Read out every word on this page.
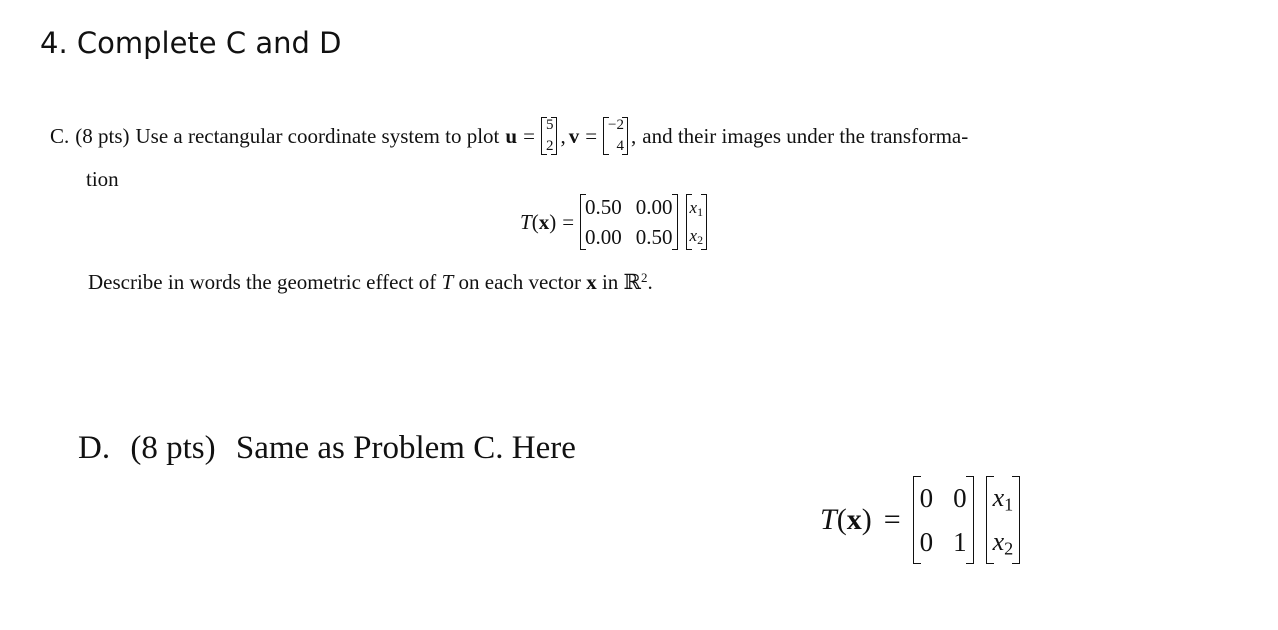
4. Complete C and D
C. (8 pts) Use a rectangular coordinate system to plot u = 5
2 , v = −2
4 , and their images under the transforma-
tion
T ( x ) =
0.50
0.00
0.00
0.50
$x_1$
$x_2$
Describe in words the geometric effect of T on each vector x in ℝ$^2$.
D. (8 pts) Same as Problem C. Here
T ( x ) =
0
0
0
1
$x_1$
$x_2$
